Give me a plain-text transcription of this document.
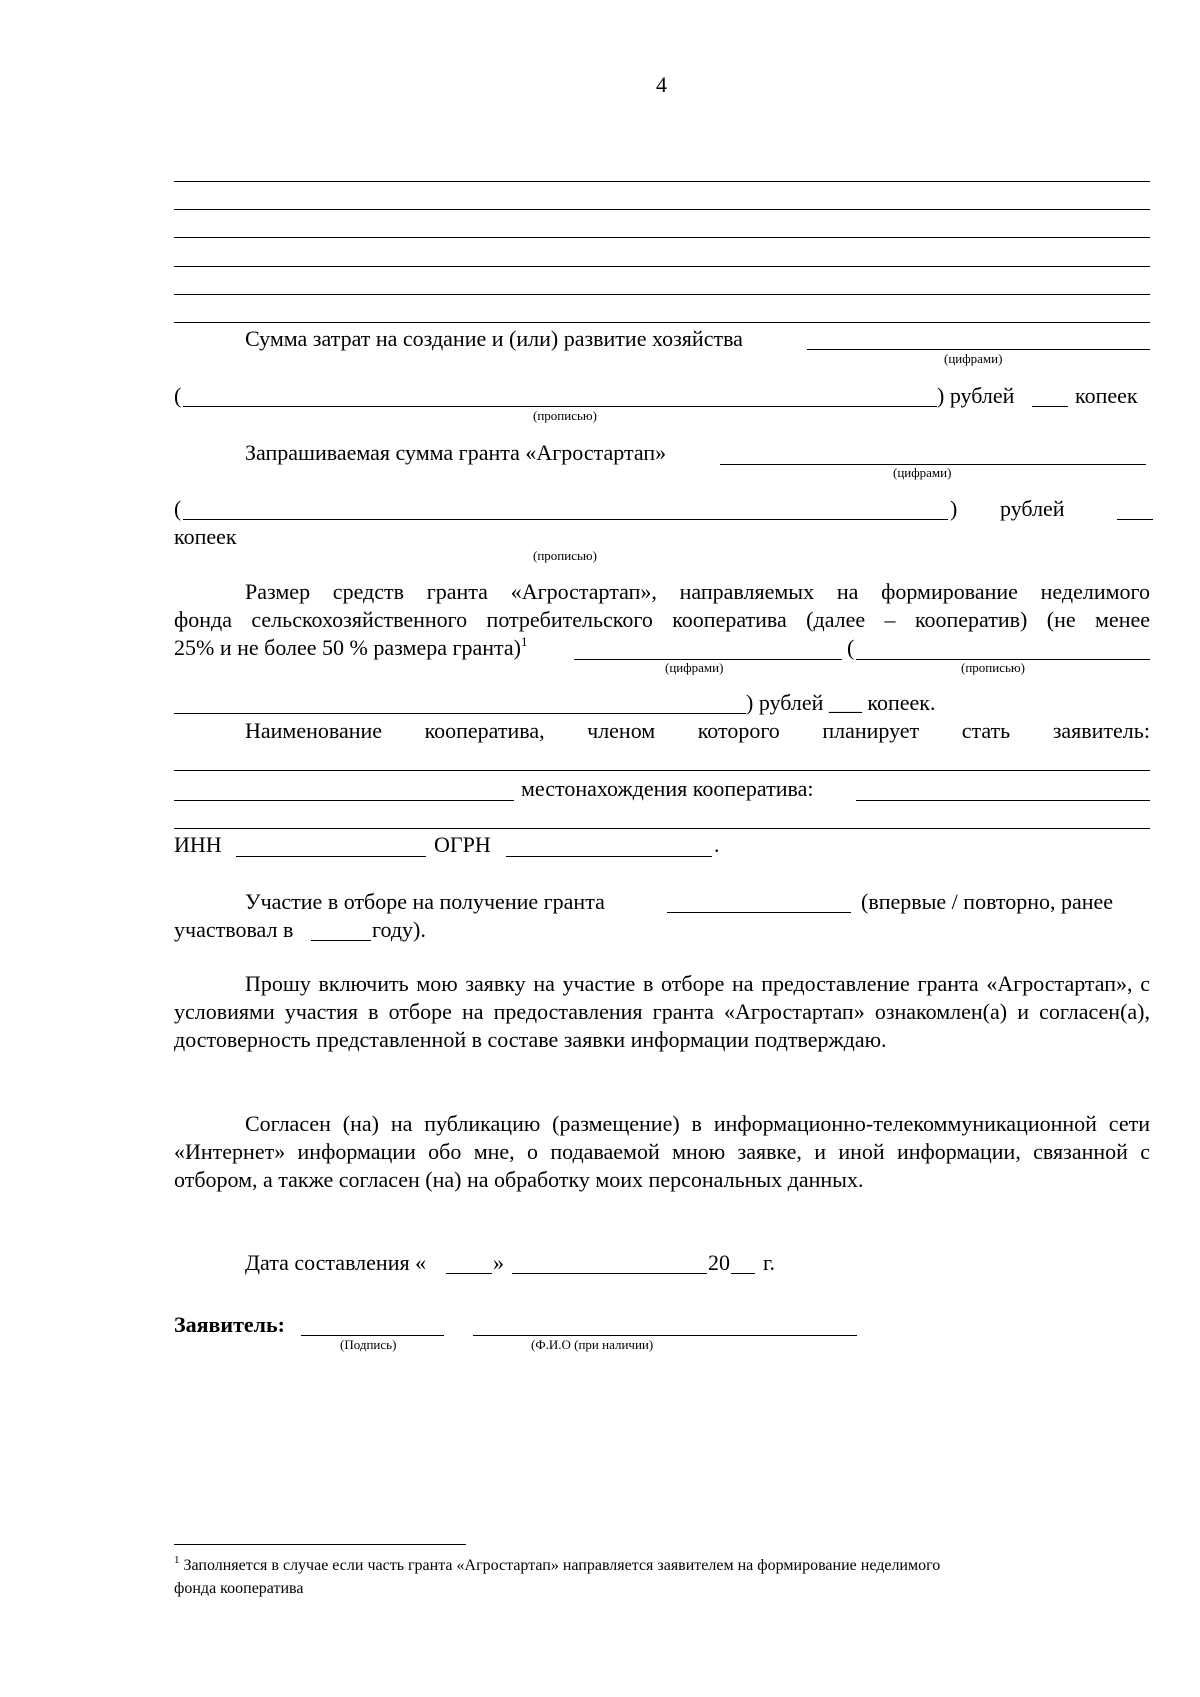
4
Сумма затрат на создание и (или) развитие хозяйства
(цифрами)
(	) рублей	копеек
(прописью)
Запрашиваемая сумма гранта «Агростартап»
(цифрами)
(	) рублей
копеек
(прописью)
Размер средств гранта «Агростартап», направляемых на формирование неделимого
фонда сельскохозяйственного потребительского кооператива (далее – кооператив) (не менее
25% и не более 50 % размера гранта)$^1$
(цифрами)
(
(прописью)
) рублей ___ копеек.
Наименование кооператива, членом которого планирует стать заявитель:
местонахождения кооператива:
ИНН	ОГРН	.
Участие в отборе на получение гранта	(впервые / повторно, ранее
участвовал в	году).
Прошу включить мою заявку на участие в отборе на предоставление гранта «Агростартап», с условиями участия в отборе на предоставления гранта «Агростартап» ознакомлен(а) и согласен(а), достоверность представленной в составе заявки информации подтверждаю.
Согласен (на) на публикацию (размещение) в информационно-телекоммуникационной сети «Интернет» информации обо мне, о подаваемой мною заявке, и иной информации, связанной с отбором, а также согласен (на) на обработку моих персональных данных.
Дата составления «	»	20 г.
Заявитель:
(Подпись)	(Ф.И.О (при наличии)
$^1$ Заполняется в случае если часть гранта «Агростартап» направляется заявителем на формирование неделимого
фонда кооператива
